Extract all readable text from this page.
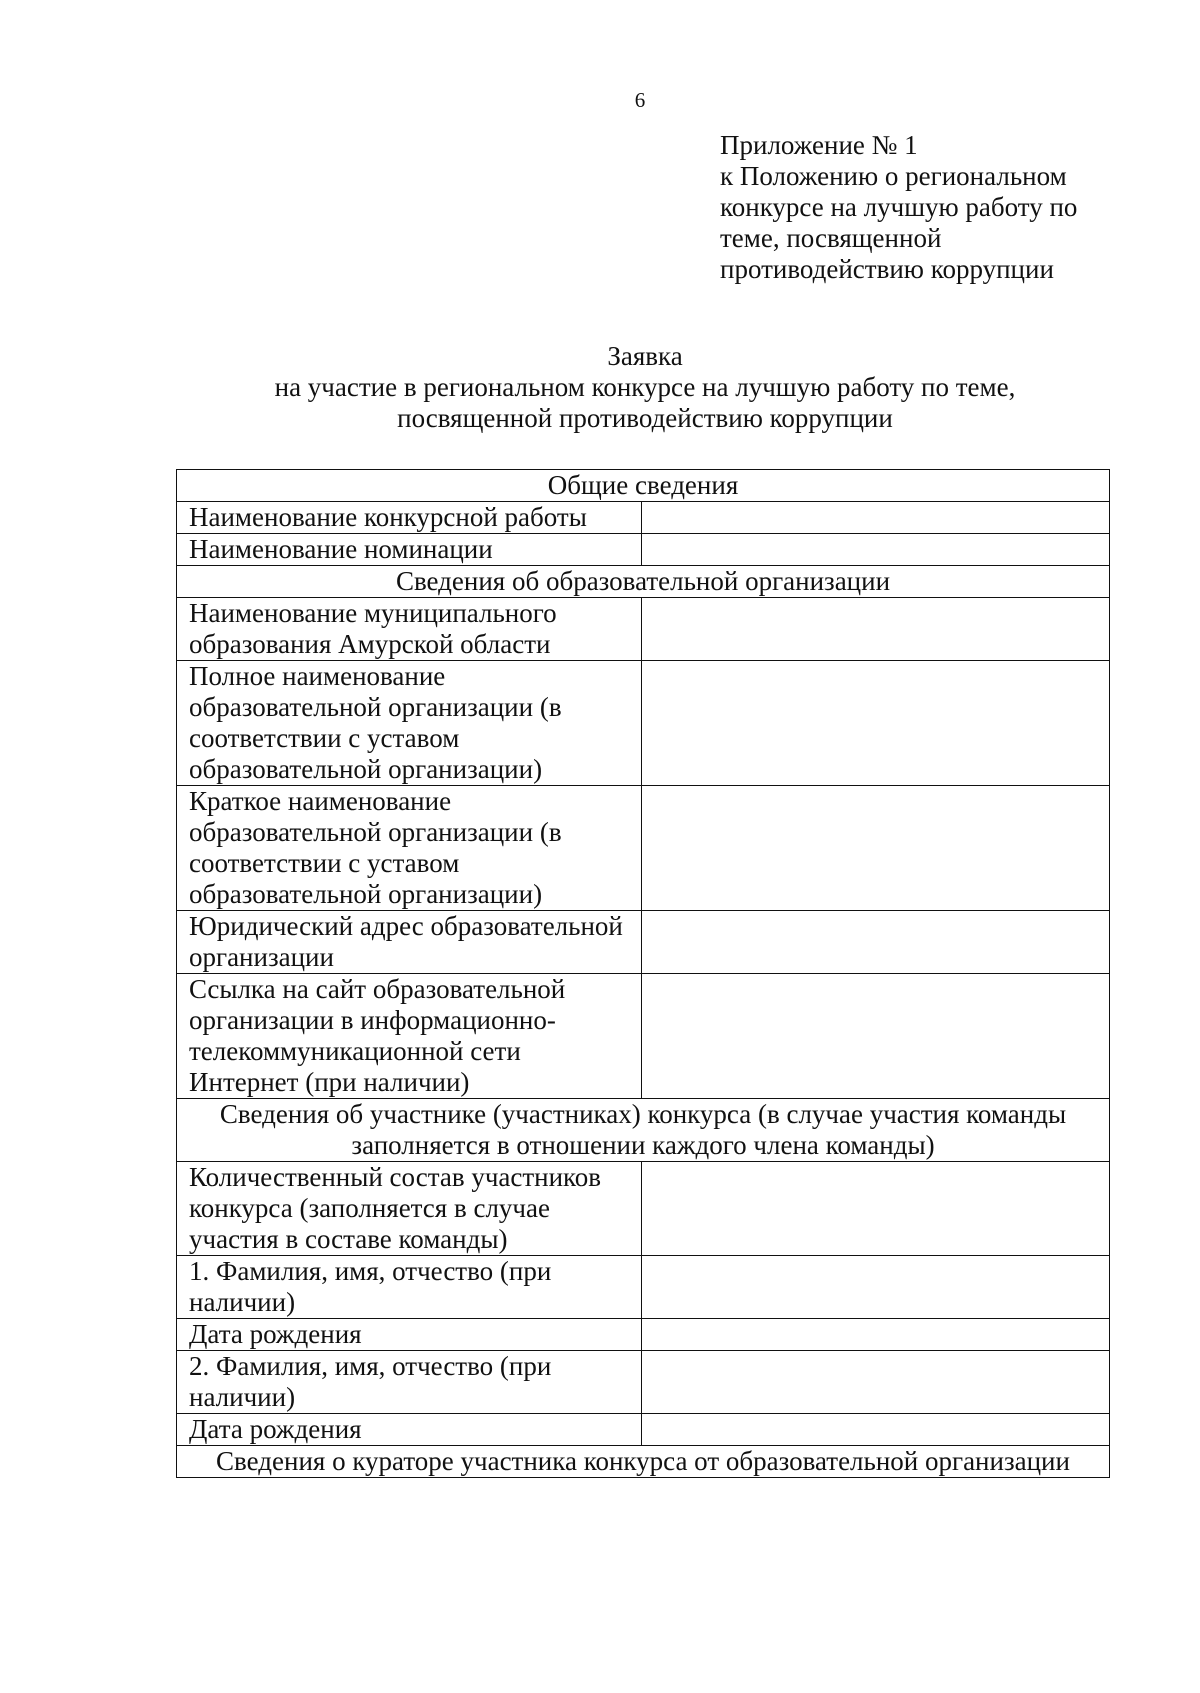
6
Приложение № 1
к Положению о региональном
конкурсе на лучшую работу по
теме, посвященной
противодействию коррупции
Заявка
на участие в региональном конкурсе на лучшую работу по теме,
посвященной противодействию коррупции
Общие сведения	
Наименование конкурсной работы	
Наименование номинации	
Сведения об образовательной организации	
Наименование муниципального образования Амурской области	
Полное наименование образовательной организации (в соответствии с уставом образовательной организации)	
Краткое наименование образовательной организации (в соответствии с уставом образовательной организации)	
Юридический адрес образовательной организации	
Ссылка на сайт образовательной организации в информационно-телекоммуникационной сети Интернет (при наличии)	
Сведения об участнике (участниках) конкурса (в случае участия команды заполняется в отношении каждого члена команды)	
Количественный состав участников конкурса (заполняется в случае участия в составе команды)	
1. Фамилия, имя, отчество (при наличии)	
Дата рождения	
2. Фамилия, имя, отчество (при наличии)	
Дата рождения	
Сведения о кураторе участника конкурса от образовательной организации	
